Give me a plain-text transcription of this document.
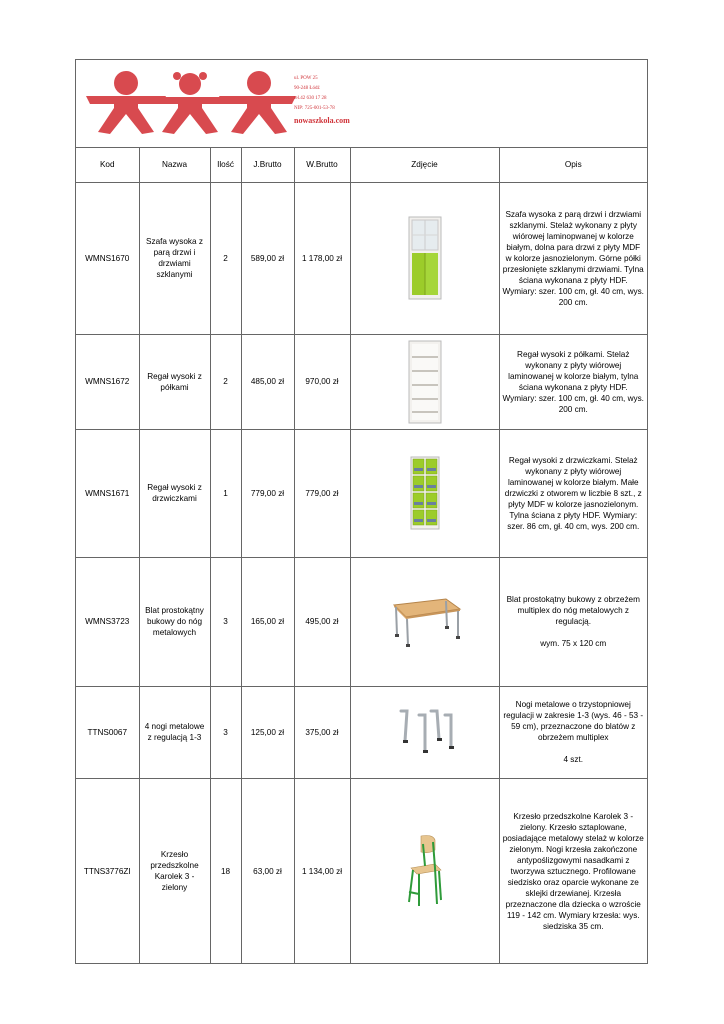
ul. POW 25
90-248 Łódź
tel.42 630 17 28
NIP: 725-001-53-78
nowaszkola.com
Kod	Nazwa	Ilość	J.Brutto	W.Brutto	Zdjęcie	Opis
WMNS1670	Szafa wysoka z parą drzwi i drzwiami szklanymi	2	589,00 zł	1 178,00 zł		Szafa wysoka z parą drzwi i drzwiami szklanymi. Stelaż wykonany z płyty wiórowej laminopwanej w kolorze białym, dolna para drzwi z płyty MDF w kolorze jasnozielonym. Górne półki przesłonięte szklanymi drzwiami. Tylna ściana wykonana z płyty HDF. Wymiary: szer. 100 cm, gł. 40 cm, wys. 200 cm.
WMNS1672	Regał wysoki z półkami	2	485,00 zł	970,00 zł		Regał wysoki z półkami. Stelaż wykonany z płyty wiórowej laminowanej w kolorze białym, tylna ściana wykonana z płyty HDF. Wymiary: szer. 100 cm, gł. 40 cm, wys. 200 cm.
WMNS1671	Regał wysoki z drzwiczkami	1	779,00 zł	779,00 zł		Regał wysoki z drzwiczkami. Stelaż wykonany z płyty wiórowej laminowanej w kolorze białym. Małe drzwiczki z otworem w liczbie 8 szt., z płyty MDF w kolorze jasnozielonym. Tylna ściana z płyty HDF. Wymiary: szer. 86 cm, gł. 40 cm, wys. 200 cm.
WMNS3723	Blat prostokątny bukowy do nóg metalowych	3	165,00 zł	495,00 zł		Blat prostokątny bukowy z obrzeżem multiplex do nóg metalowych z regulacją.

wym. 75 x 120 cm
TTNS0067	4 nogi metalowe z regulacją 1-3	3	125,00 zł	375,00 zł		Nogi metalowe o trzystopniowej regulacji w zakresie 1-3 (wys. 46 - 53 - 59 cm), przeznaczone do blatów z obrzeżem multiplex

4 szt.
TTNS3776ZI	Krzesło przedszkolne Karolek 3 - zielony	18	63,00 zł	1 134,00 zł		Krzesło przedszkolne Karolek 3 - zielony. Krzesło sztaplowane, posiadające metalowy stelaż w kolorze zielonym. Nogi krzesła zakończone antypoślizgowymi nasadkami z tworzywa sztucznego. Profilowane siedzisko oraz oparcie wykonane ze sklejki drzewianej. Krzesła przeznaczone dla dziecka o wzroście 119 - 142 cm. Wymiary krzesła: wys. siedziska 35 cm.
